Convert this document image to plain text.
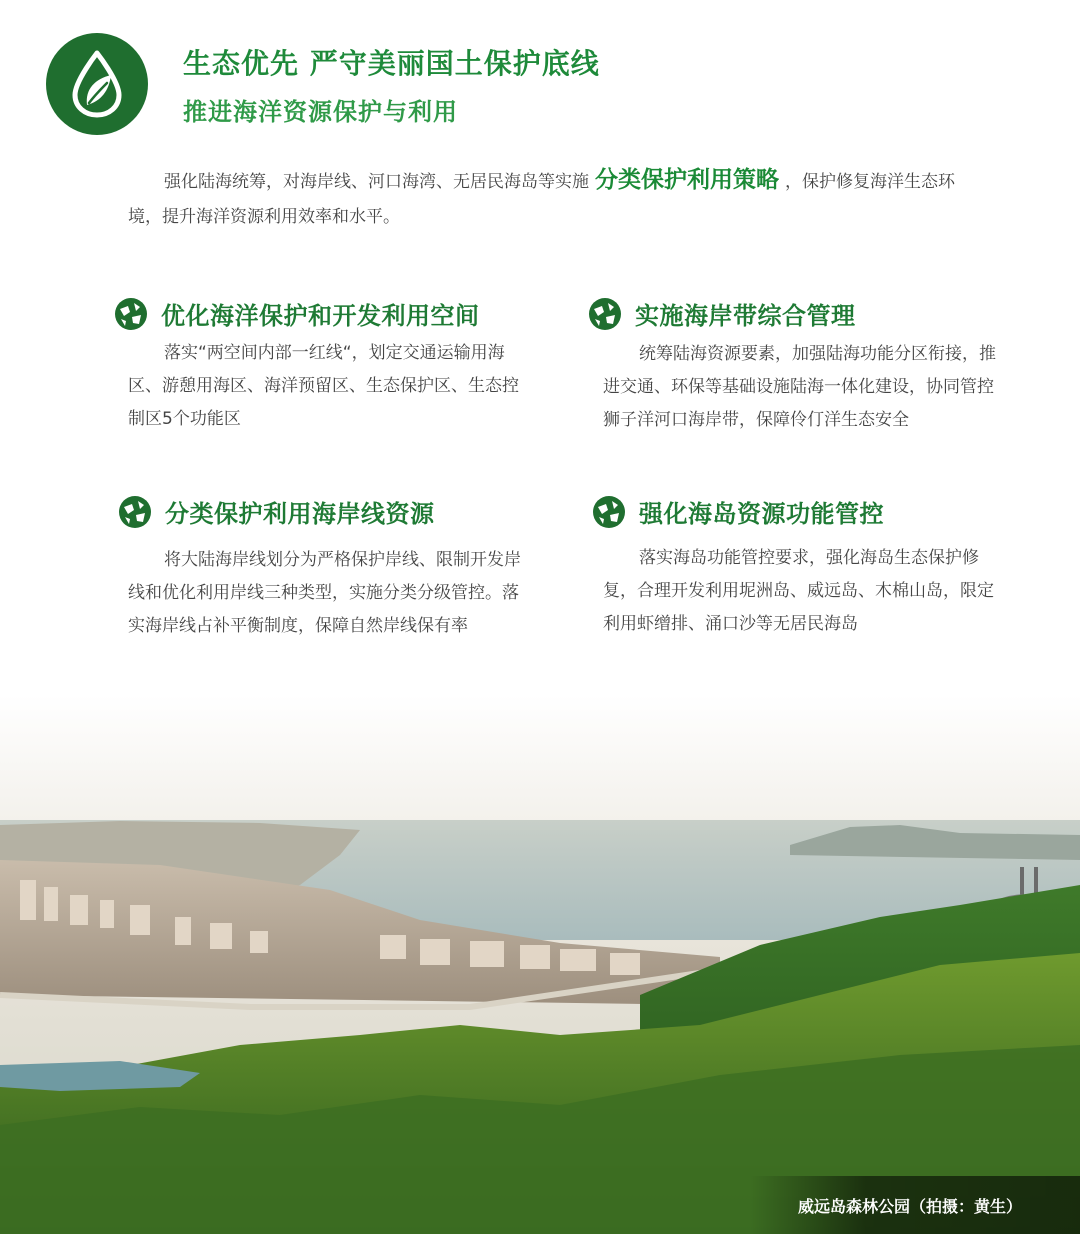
生态优先 严守美丽国土保护底线
推进海洋资源保护与利用
强化陆海统筹，对海岸线、河口海湾、无居民海岛等实施 分类保护利用策略 ，保护修复海洋生态环境，提升海洋资源利用效率和水平。
优化海洋保护和开发利用空间
落实“两空间内部一红线“，划定交通运输用海区、游憩用海区、海洋预留区、生态保护区、生态控制区5个功能区
实施海岸带综合管理
统筹陆海资源要素，加强陆海功能分区衔接，推进交通、环保等基础设施陆海一体化建设，协同管控狮子洋河口海岸带，保障伶仃洋生态安全
分类保护利用海岸线资源
将大陆海岸线划分为严格保护岸线、限制开发岸线和优化利用岸线三种类型，实施分类分级管控。落实海岸线占补平衡制度，保障自然岸线保有率
强化海岛资源功能管控
落实海岛功能管控要求，强化海岛生态保护修复，合理开发利用坭洲岛、威远岛、木棉山岛，限定利用虾缯排、涌口沙等无居民海岛
威远岛森林公园（拍摄：黄生）
